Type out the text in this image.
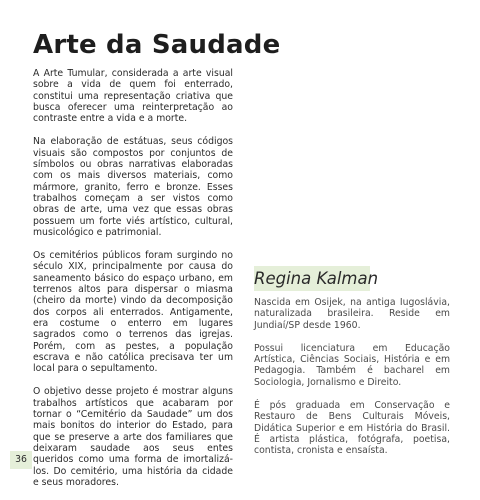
Arte da Saudade

A Arte Tumular, considerada a arte visual sobre a vida de quem foi enterrado, constitui uma representação criativa que busca oferecer uma reinterpretação ao contraste entre a vida e a morte.

Na elaboração de estátuas, seus códigos visuais são compostos por conjuntos de símbolos ou obras narrativas elaboradas com os mais diversos materiais, como mármore, granito, ferro e bronze. Esses trabalhos começam a ser vistos como obras de arte, uma vez que essas obras possuem um forte viés artístico, cultural, musicológico e patrimonial.

Os cemitérios públicos foram surgindo no século XIX, principalmente por causa do saneamento básico do espaço urbano, em terrenos altos para dispersar o miasma (cheiro da morte) vindo da decomposição dos corpos ali enterrados. Antigamente, era costume o enterro em lugares sagrados como o terrenos das igrejas. Porém, com as pestes, a população escrava e não católica precisava ter um local para o sepultamento.

O objetivo desse projeto é mostrar alguns trabalhos artísticos que acabaram por tornar o “Cemitério da Saudade” um dos mais bonitos do interior do Estado, para que se preserve a arte dos familiares que deixaram saudade aos seus entes queridos como uma forma de imortalizá-los. Do cemitério, uma história da cidade e seus moradores.

Regina Kalman

Nascida em Osijek, na antiga Iugoslávia, naturalizada brasileira. Reside em Jundiaí/SP desde 1960.

Possui licenciatura em Educação Artística, Ciências Sociais, História e em Pedagogia. Também é bacharel em Sociologia, Jornalismo e Direito.

É pós graduada em Conservação e Restauro de Bens Culturais Móveis, Didática Superior e em História do Brasil. É artista plástica, fotógrafa, poetisa, contista, cronista e ensaísta.

36
